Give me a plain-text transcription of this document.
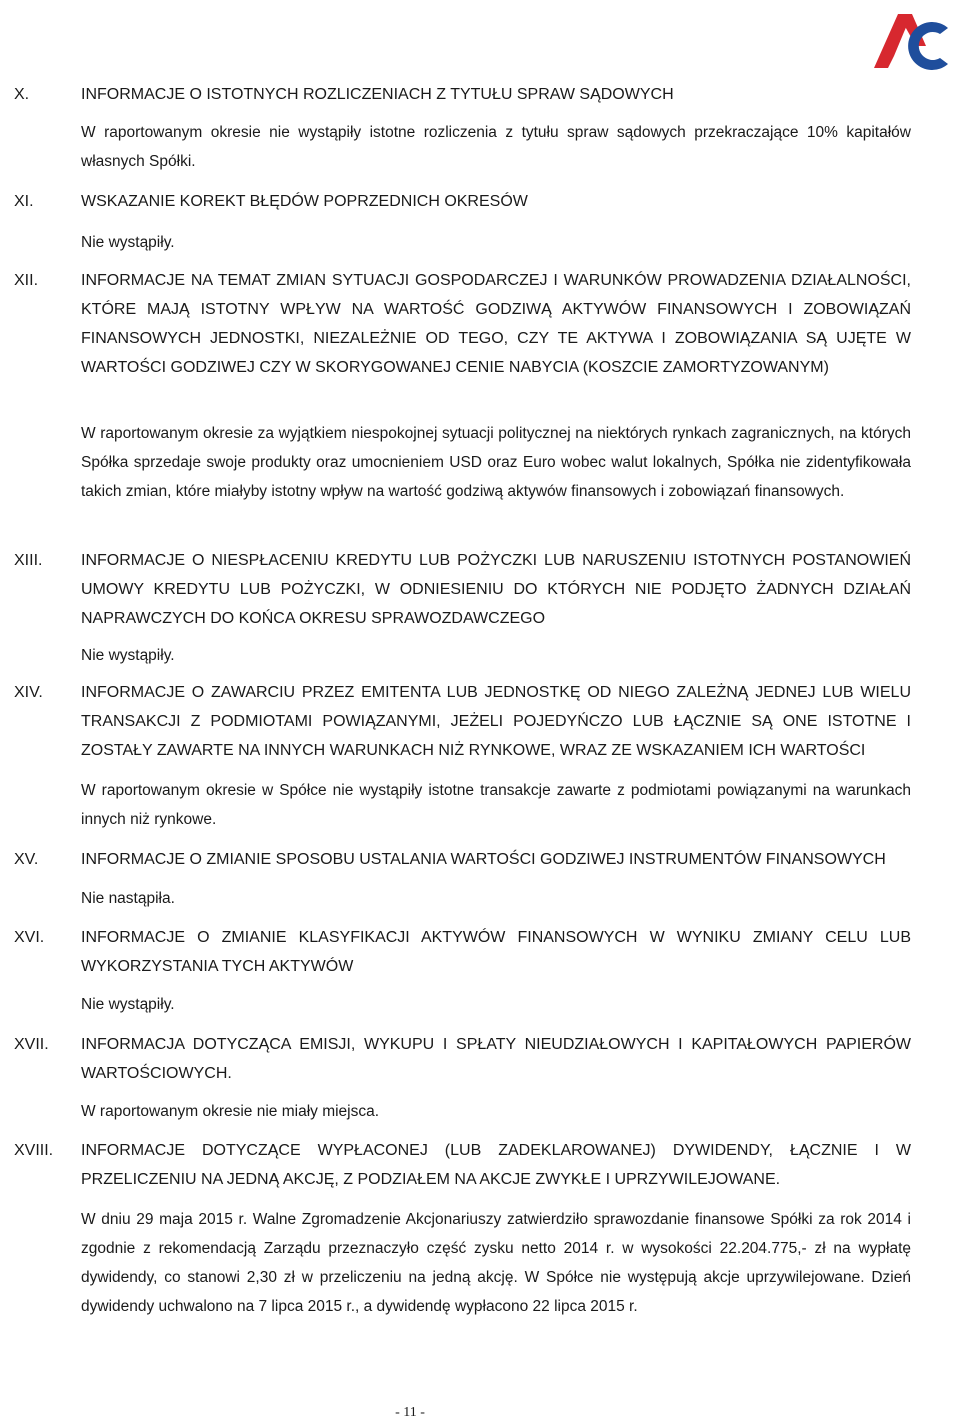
X.	INFORMACJE O ISTOTNYCH ROZLICZENIACH Z TYTUŁU SPRAW SĄDOWYCH
W raportowanym okresie nie wystąpiły istotne rozliczenia z tytułu spraw sądowych przekraczające 10% kapitałów własnych Spółki.
XI.	WSKAZANIE KOREKT BŁĘDÓW POPRZEDNICH OKRESÓW
Nie wystąpiły.
XII.	INFORMACJE NA TEMAT ZMIAN SYTUACJI GOSPODARCZEJ I WARUNKÓW PROWADZENIA DZIAŁALNOŚCI, KTÓRE MAJĄ ISTOTNY WPŁYW NA WARTOŚĆ GODZIWĄ AKTYWÓW FINANSOWYCH I ZOBOWIĄZAŃ FINANSOWYCH JEDNOSTKI, NIEZALEŻNIE OD TEGO, CZY TE AKTYWA I ZOBOWIĄZANIA SĄ UJĘTE W WARTOŚCI GODZIWEJ CZY W SKORYGOWANEJ CENIE NABYCIA (KOSZCIE ZAMORTYZOWANYM)
W raportowanym okresie za wyjątkiem niespokojnej sytuacji politycznej na niektórych rynkach zagranicznych, na których Spółka sprzedaje swoje produkty oraz umocnieniem USD oraz Euro wobec walut lokalnych, Spółka nie zidentyfikowała takich zmian, które miałyby istotny wpływ na wartość godziwą aktywów finansowych i zobowiązań finansowych.
XIII. INFORMACJE O NIESPŁACENIU KREDYTU LUB POŻYCZKI LUB NARUSZENIU ISTOTNYCH POSTANOWIEŃ UMOWY KREDYTU LUB POŻYCZKI, W ODNIESIENIU DO KTÓRYCH NIE PODJĘTO ŻADNYCH DZIAŁAŃ NAPRAWCZYCH DO KOŃCA OKRESU SPRAWOZDAWCZEGO
Nie wystąpiły.
XIV. INFORMACJE O ZAWARCIU PRZEZ EMITENTA LUB JEDNOSTKĘ OD NIEGO ZALEŻNĄ JEDNEJ LUB WIELU TRANSAKCJI Z PODMIOTAMI POWIĄZANYMI, JEŻELI POJEDYŃCZO LUB ŁĄCZNIE SĄ ONE ISTOTNE I ZOSTAŁY ZAWARTE NA INNYCH WARUNKACH NIŻ RYNKOWE, WRAZ ZE WSKAZANIEM ICH WARTOŚCI
W raportowanym okresie w Spółce nie wystąpiły istotne transakcje zawarte z podmiotami powiązanymi na warunkach innych niż rynkowe.
XV.	INFORMACJE O ZMIANIE SPOSOBU USTALANIA WARTOŚCI GODZIWEJ INSTRUMENTÓW FINANSOWYCH
Nie nastąpiła.
XVI. INFORMACJE O ZMIANIE KLASYFIKACJI AKTYWÓW FINANSOWYCH W WYNIKU ZMIANY CELU LUB WYKORZYSTANIA TYCH AKTYWÓW
Nie wystąpiły.
XVII. INFORMACJA DOTYCZĄCA EMISJI, WYKUPU I SPŁATY NIEUDZIAŁOWYCH I KAPITAŁOWYCH PAPIERÓW WARTOŚCIOWYCH.
W raportowanym okresie nie miały miejsca.
XVIII. INFORMACJE DOTYCZĄCE WYPŁACONEJ (LUB ZADEKLAROWANEJ) DYWIDENDY, ŁĄCZNIE I W PRZELICZENIU NA JEDNĄ AKCJĘ, Z PODZIAŁEM NA AKCJE ZWYKŁE I UPRZYWILEJOWANE.
W dniu 29 maja 2015 r. Walne Zgromadzenie Akcjonariuszy zatwierdziło sprawozdanie finansowe Spółki za rok 2014 i zgodnie z rekomendacją Zarządu przeznaczyło część zysku netto 2014 r. w wysokości 22.204.775,- zł na wypłatę dywidendy, co stanowi 2,30 zł w przeliczeniu na jedną akcję. W Spółce nie występują akcje uprzywilejowane. Dzień dywidendy uchwalono na 7 lipca 2015 r., a dywidendę wypłacono 22 lipca 2015 r.
- 11 -
